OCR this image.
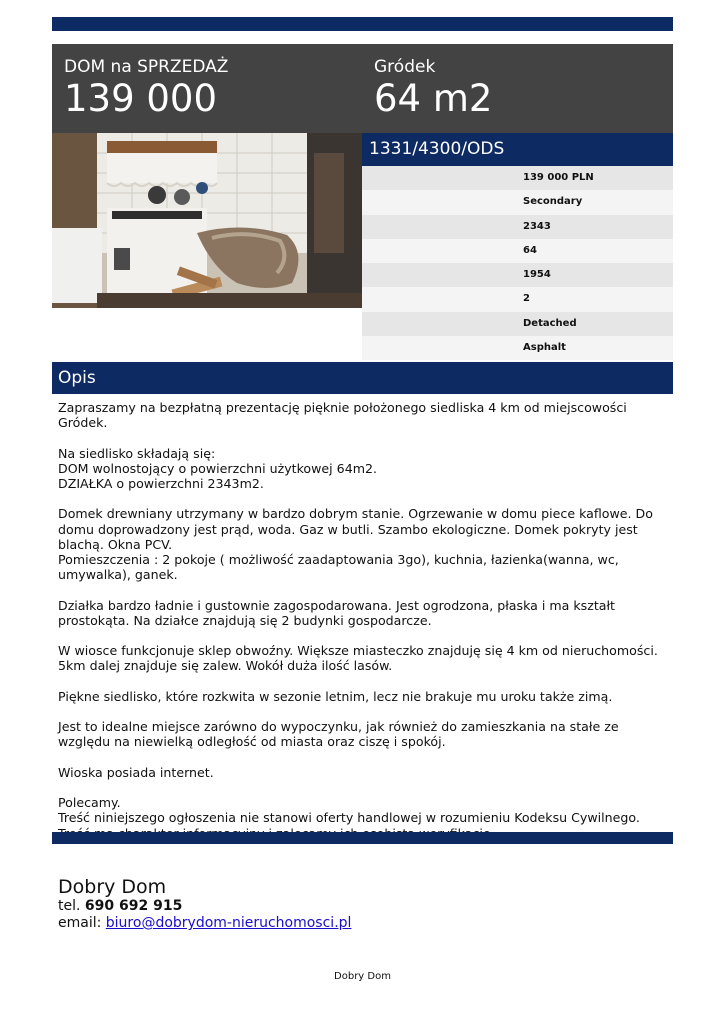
DOM na SPRZEDAŻ
139 000
Gródek
64 m2
1331/4300/ODS
139 000 PLN
Secondary
2343
64
1954
2
Detached
Asphalt
Opis

Zapraszamy na bezpłatną prezentację pięknie położonego siedliska 4 km od miejscowości Gródek.

Na siedlisko składają się:
DOM wolnostojący o powierzchni użytkowej 64m2.
DZIAŁKA o powierzchni 2343m2.

Domek drewniany utrzymany w bardzo dobrym stanie. Ogrzewanie w domu piece kaflowe. Do domu doprowadzony jest prąd, woda. Gaz w butli. Szambo ekologiczne. Domek pokryty jest blachą. Okna PCV.
Pomieszczenia : 2 pokoje ( możliwość zaadaptowania 3go), kuchnia, łazienka(wanna, wc, umywalka), ganek.

Działka bardzo ładnie i gustownie zagospodarowana. Jest ogrodzona, płaska i ma kształt prostokąta. Na działce znajdują się 2 budynki gospodarcze.

W wiosce funkcjonuje sklep obwoźny. Większe miasteczko znajduję się 4 km od nieruchomości.
5km dalej znajduje się zalew. Wokół duża ilość lasów.

Piękne siedlisko, które rozkwita w sezonie letnim, lecz nie brakuje mu uroku także zimą.

Jest to idealne miejsce zarówno do wypoczynku, jak również do zamieszkania na stałe ze względu na niewielką odległość od miasta oraz ciszę i spokój.

Wioska posiada internet.

Polecamy.
Treść niniejszego ogłoszenia nie stanowi oferty handlowej w rozumieniu Kodeksu Cywilnego.

Dobry Dom
tel. 690 692 915
email: biuro@dobrydom-nieruchomosci.pl
Dobry Dom
